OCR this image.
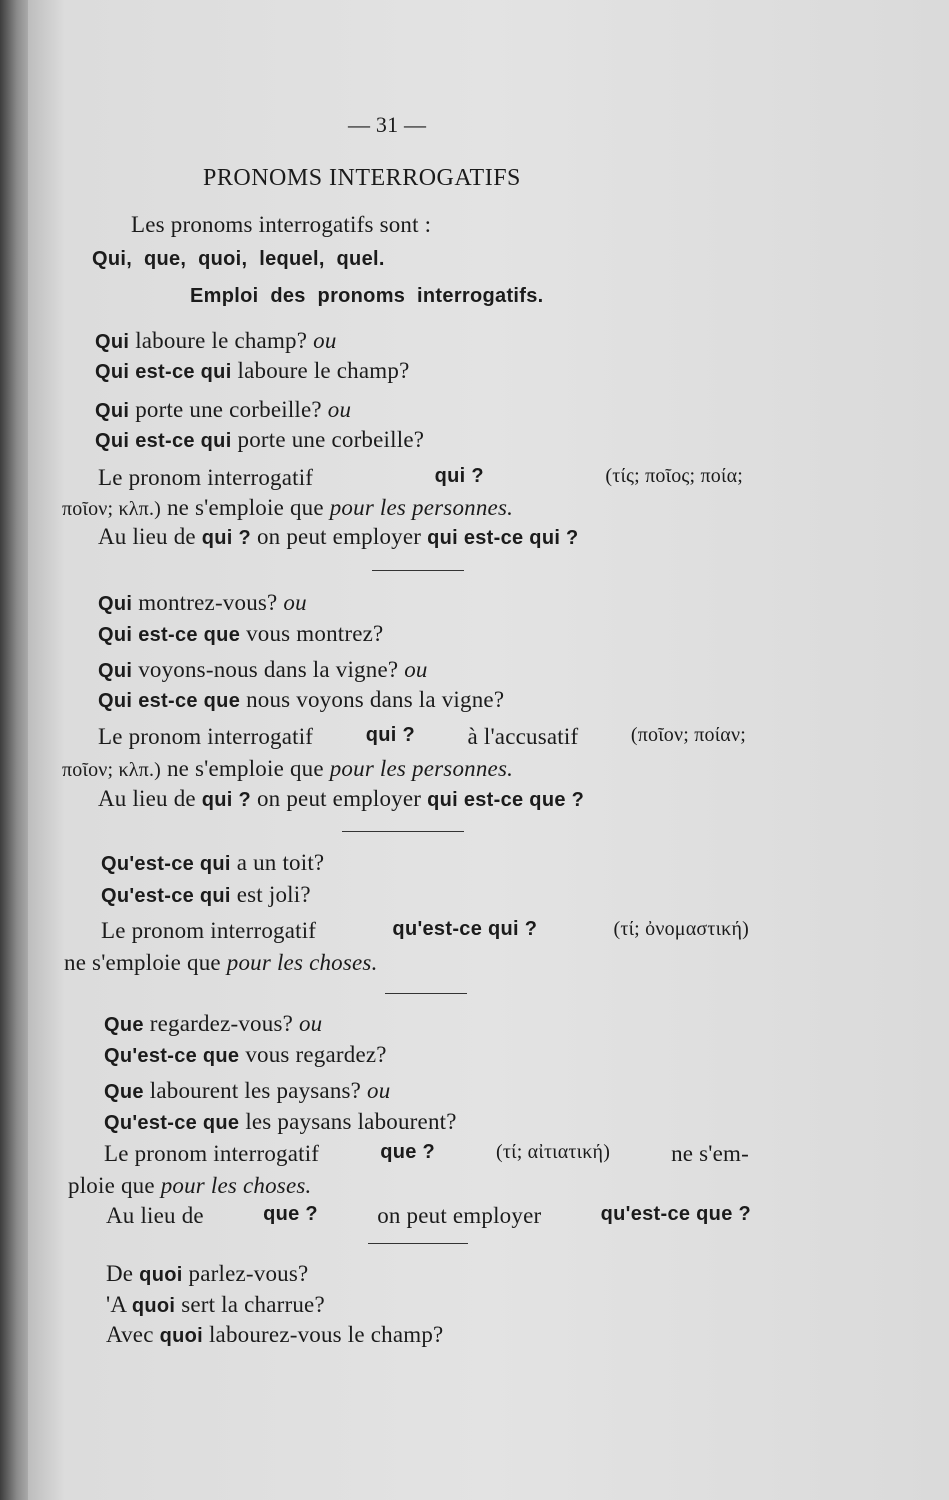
— 31 —
PRONOMS INTERROGATIFS
Les pronoms interrogatifs sont :
Qui, que, quoi, lequel, quel.
Emploi des pronoms interrogatifs.
Qui laboure le champ? ou
Qui est-ce qui laboure le champ?
Qui porte une corbeille? ou
Qui est-ce qui porte une corbeille?
Le pronom interrogatif	qui ?	(τίς; ποῖος; ποία;
ποῖον; κλπ.) ne s'emploie que pour les personnes.
Au lieu de qui ? on peut employer qui est-ce qui ?
Qui montrez-vous? ou
Qui est-ce que vous montrez?
Qui voyons-nous dans la vigne? ou
Qui est-ce que nous voyons dans la vigne?
Le pronom interrogatif	qui ? à l'accusatif	(ποῖον; ποίαν;
ποῖον; κλπ.) ne s'emploie que pour les personnes.
Au lieu de qui ? on peut employer qui est-ce que ?
Qu'est-ce qui a un toit?
Qu'est-ce qui est joli?
Le pronom interrogatif	qu'est-ce qui ?	(τί; ὀνομαστική)
ne s'emploie que pour les choses.
Que regardez-vous? ou
Qu'est-ce que vous regardez?
Que labourent les paysans? ou
Qu'est-ce que les paysans labourent?
Le pronom interrogatif	que ?	(τί; αἰτιατική)	ne s'em-
ploie que pour les choses.
Au lieu de	que ?	on peut employer	qu'est-ce que ?
De quoi parlez-vous?
'A quoi sert la charrue?
Avec quoi labourez-vous le champ?
